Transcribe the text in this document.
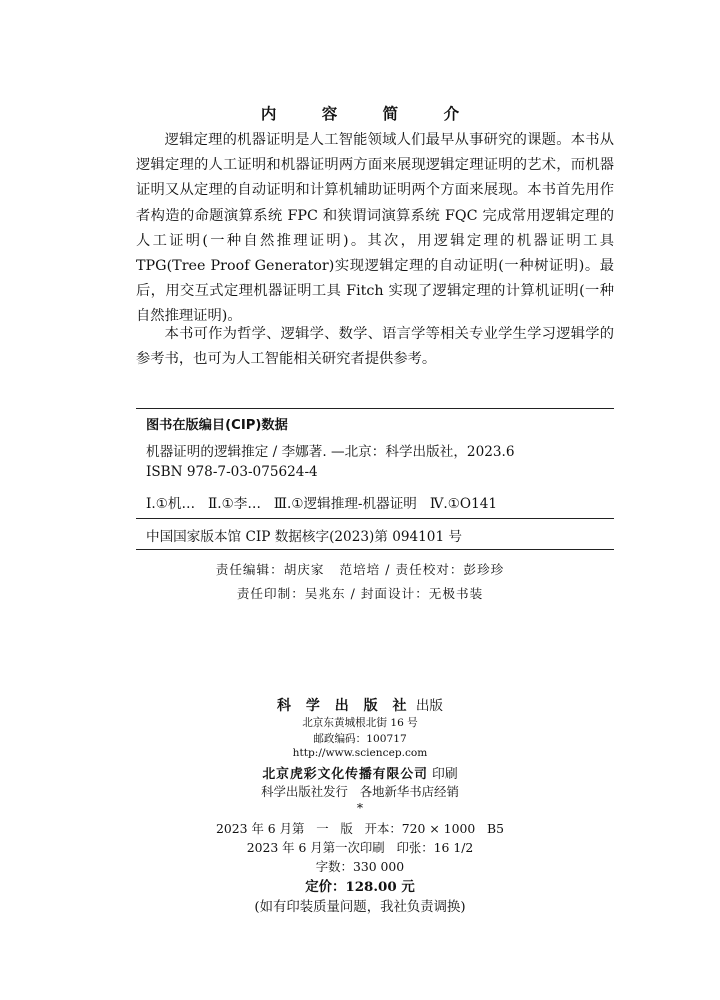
内 容 简 介

逻辑定理的机器证明是人工智能领域人们最早从事研究的课题。本书从逻辑定理的人工证明和机器证明两方面来展现逻辑定理证明的艺术，而机器证明又从定理的自动证明和计算机辅助证明两个方面来展现。本书首先用作者构造的命题演算系统 FPC 和狭谓词演算系统 FQC 完成常用逻辑定理的人工证明(一种自然推理证明)。其次，用逻辑定理的机器证明工具 TPG(Tree Proof Generator)实现逻辑定理的自动证明(一种树证明)。最后，用交互式定理机器证明工具 Fitch 实现了逻辑定理的计算机证明(一种自然推理证明)。

本书可作为哲学、逻辑学、数学、语言学等相关专业学生学习逻辑学的参考书，也可为人工智能相关研究者提供参考。

图书在版编目(CIP)数据
机器证明的逻辑推定 / 李娜著. —北京：科学出版社，2023.6
ISBN 978-7-03-075624-4
Ⅰ.①机…   Ⅱ.①李…   Ⅲ.①逻辑推理-机器证明   Ⅳ.①O141
中国国家版本馆 CIP 数据核字(2023)第 094101 号
责任编辑：胡庆家   范培培 / 责任校对：彭珍珍
责任印制：吴兆东 / 封面设计：无极书装
科 学 出 版 社 出版
北京东黄城根北街 16 号
邮政编码：100717
http://www.sciencep.com
北京虎彩文化传播有限公司 印刷
科学出版社发行   各地新华书店经销
*
2023 年 6 月第   一   版   开本：720 × 1000   B5
2023 年 6 月第一次印刷   印张：16 1/2
字数：330 000
定价：128.00 元
(如有印装质量问题，我社负责调换)
